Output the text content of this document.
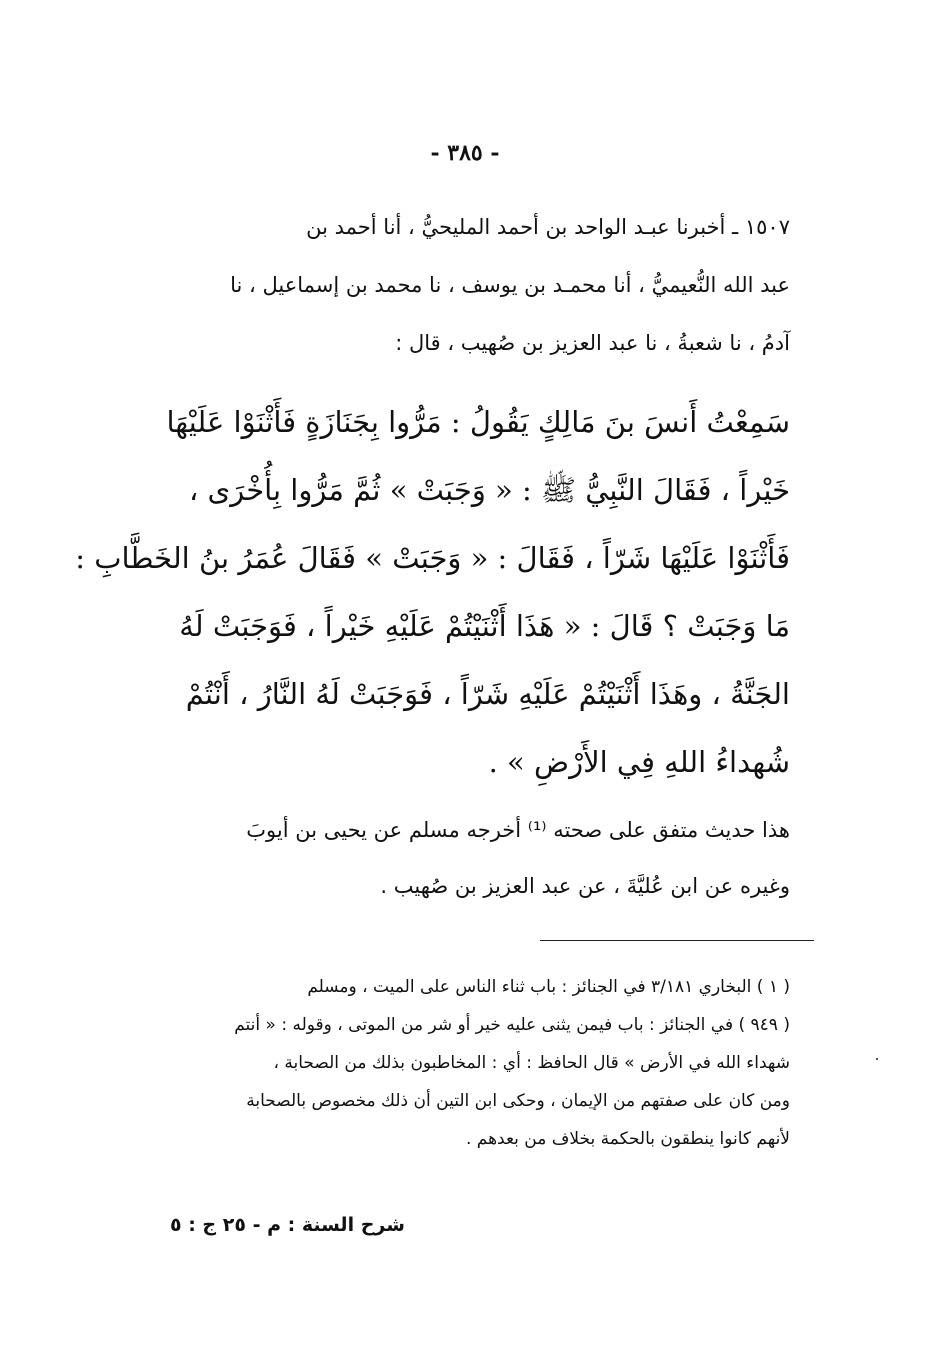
- ٣٨٥ -
١٥٠٧ ـ أخبرنا عبـد الواحد بن أحمد المليحيُّ ، أنا أحمد بن
عبد الله النُّعيميُّ ، أنا محمـد بن يوسف ، نا محمد بن إسماعيل ، نا
آدمُ ، نا شعبةُ ، نا عبد العزيز بن صُهيب ، قال :
سَمِعْتُ أَنسَ بنَ مَالِكٍ يَقُولُ : مَرُّوا بِجَنَازَةٍ فَأَثْنَوْا عَلَيْهَا
خَيْراً ، فَقَالَ النَّبِيُّ ﷺ : « وَجَبَتْ » ثُمَّ مَرُّوا بِأُخْرَى ،
فَأَثْنَوْا عَلَيْهَا شَرّاً ، فَقَالَ : « وَجَبَتْ » فَقَالَ عُمَرُ بنُ الخَطَّابِ :
مَا وَجَبَتْ ؟ قَالَ : « هَذَا أَثْنَيْتُمْ عَلَيْهِ خَيْراً ، فَوَجَبَتْ لَهُ
الجَنَّةُ ، وهَذَا أَثْنَيْتُمْ عَلَيْهِ شَرّاً ، فَوَجَبَتْ لَهُ النَّارُ ، أَنْتُمْ
شُهداءُ اللهِ فِي الأَرْضِ » .
هذا حديث متفق على صحته ⁽¹⁾ أخرجه مسلم عن يحيى بن أيوبَ
وغيره عن ابن عُليَّةَ ، عن عبد العزيز بن صُهيب .
( ١ ) البخاري ٣/١٨١ في الجنائز : باب ثناء الناس على الميت ، ومسلم
( ٩٤٩ ) في الجنائز : باب فيمن يثنى عليه خير أو شر من الموتى ، وقوله : « أنتم
شهداء الله في الأرض » قال الحافظ : أي : المخاطبون بذلك من الصحابة ،
ومن كان على صفتهم من الإيمان ، وحكى ابن التين أن ذلك مخصوص بالصحابة
لأنهم كانوا ينطقون بالحكمة بخلاف من بعدهم .
شرح السنة : م - ٢٥ ج : ٥
